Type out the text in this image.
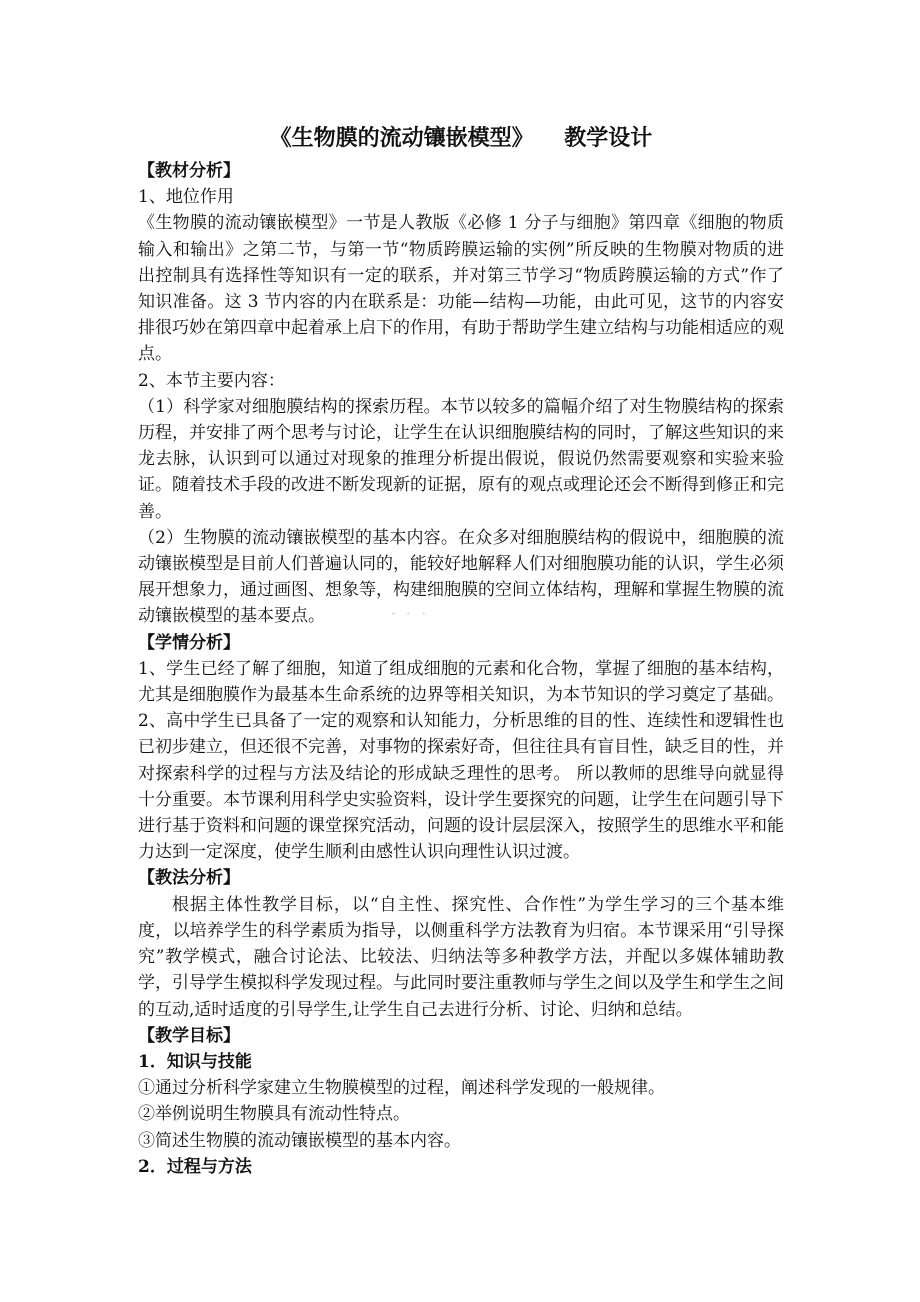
《生物膜的流动镶嵌模型》    教学设计

【教材分析】

1、地位作用

《生物膜的流动镶嵌模型》一节是人教版《必修 1 分子与细胞》第四章《细胞的物质输入和输出》之第二节，与第一节“物质跨膜运输的实例”所反映的生物膜对物质的进出控制具有选择性等知识有一定的联系，并对第三节学习“物质跨膜运输的方式”作了知识准备。这 3 节内容的内在联系是：功能—结构—功能，由此可见，这节的内容安排很巧妙在第四章中起着承上启下的作用，有助于帮助学生建立结构与功能相适应的观点。

2、本节主要内容：

（1）科学家对细胞膜结构的探索历程。本节以较多的篇幅介绍了对生物膜结构的探索历程，并安排了两个思考与讨论，让学生在认识细胞膜结构的同时，了解这些知识的来龙去脉，认识到可以通过对现象的推理分析提出假说，假说仍然需要观察和实验来验证。随着技术手段的改进不断发现新的证据，原有的观点或理论还会不断得到修正和完善。

（2）生物膜的流动镶嵌模型的基本内容。在众多对细胞膜结构的假说中，细胞膜的流动镶嵌模型是目前人们普遍认同的，能较好地解释人们对细胞膜功能的认识，学生必须展开想象力，通过画图、想象等，构建细胞膜的空间立体结构，理解和掌握生物膜的流动镶嵌模型的基本要点。

【学情分析】

1、学生已经了解了细胞，知道了组成细胞的元素和化合物，掌握了细胞的基本结构，尤其是细胞膜作为最基本生命系统的边界等相关知识，为本节知识的学习奠定了基础。

2、高中学生已具备了一定的观察和认知能力，分析思维的目的性、连续性和逻辑性也已初步建立，但还很不完善，对事物的探索好奇，但往往具有盲目性，缺乏目的性，并对探索科学的过程与方法及结论的形成缺乏理性的思考。 所以教师的思维导向就显得十分重要。本节课利用科学史实验资料，设计学生要探究的问题，让学生在问题引导下进行基于资料和问题的课堂探究活动，问题的设计层层深入，按照学生的思维水平和能力达到一定深度，使学生顺利由感性认识向理性认识过渡。

【教法分析】

根据主体性教学目标，以“自主性、探究性、合作性”为学生学习的三个基本维度，以培养学生的科学素质为指导，以侧重科学方法教育为归宿。本节课采用“引导探究”教学模式，融合讨论法、比较法、归纳法等多种教学方法，并配以多媒体辅助教学，引导学生模拟科学发现过程。与此同时要注重教师与学生之间以及学生和学生之间的互动,适时适度的引导学生,让学生自己去进行分析、讨论、归纳和总结。

【教学目标】

1．知识与技能

①通过分析科学家建立生物膜模型的过程，阐述科学发现的一般规律。

②举例说明生物膜具有流动性特点。

③简述生物膜的流动镶嵌模型的基本内容。

2．过程与方法
